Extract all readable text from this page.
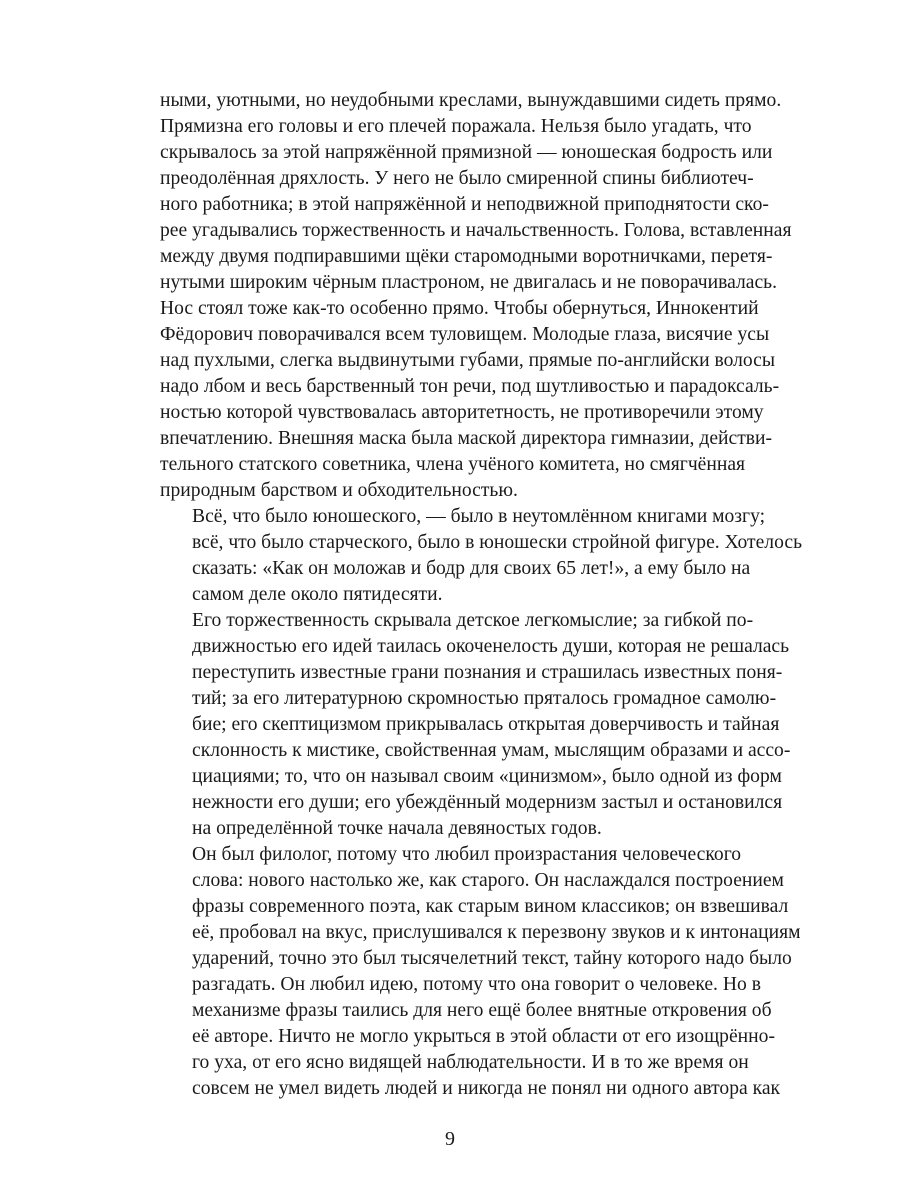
ными, уютными, но неудобными креслами, вынуждавшими сидеть прямо.
Прямизна его головы и его плечей поражала. Нельзя было угадать, что
скрывалось за этой напряжённой прямизной — юношеская бодрость или
преодолённая дряхлость. У него не было смиренной спины библиотеч-
ного работника; в этой напряжённой и неподвижной приподнятости ско-
рее угадывались торжественность и начальственность. Голова, вставленная
между двумя подпиравшими щёки старомодными воротничками, перетя-
нутыми широким чёрным пластроном, не двигалась и не поворачивалась.
Нос стоял тоже как-то особенно прямо. Чтобы обернуться, Иннокентий
Фёдорович поворачивался всем туловищем. Молодые глаза, висячие усы
над пухлыми, слегка выдвинутыми губами, прямые по-английски волосы
надо лбом и весь барственный тон речи, под шутливостью и парадоксаль-
ностью которой чувствовалась авторитетность, не противоречили этому
впечатлению. Внешняя маска была маской директора гимназии, действи-
тельного статского советника, члена учёного комитета, но смягчённая
природным барством и обходительностью.
Всё, что было юношеского, — было в неутомлённом книгами мозгу;
всё, что было старческого, было в юношески стройной фигуре. Хотелось
сказать: «Как он моложав и бодр для своих 65 лет!», а ему было на
самом деле около пятидесяти.
Его торжественность скрывала детское легкомыслие; за гибкой по-
движностью его идей таилась окоченелость души, которая не решалась
переступить известные грани познания и страшилась известных поня-
тий; за его литературною скромностью пряталось громадное самолю-
бие; его скептицизмом прикрывалась открытая доверчивость и тайная
склонность к мистике, свойственная умам, мыслящим образами и ассо-
циациями; то, что он называл своим «цинизмом», было одной из форм
нежности его души; его убеждённый модернизм застыл и остановился
на определённой точке начала девяностых годов.
Он был филолог, потому что любил произрастания человеческого
слова: нового настолько же, как старого. Он наслаждался построением
фразы современного поэта, как старым вином классиков; он взвешивал
её, пробовал на вкус, прислушивался к перезвону звуков и к интонациям
ударений, точно это был тысячелетний текст, тайну которого надо было
разгадать. Он любил идею, потому что она говорит о человеке. Но в
механизме фразы таились для него ещё более внятные откровения об
её авторе. Ничто не могло укрыться в этой области от его изощрённо-
го уха, от его ясно видящей наблюдательности. И в то же время он
совсем не умел видеть людей и никогда не понял ни одного автора как
9
